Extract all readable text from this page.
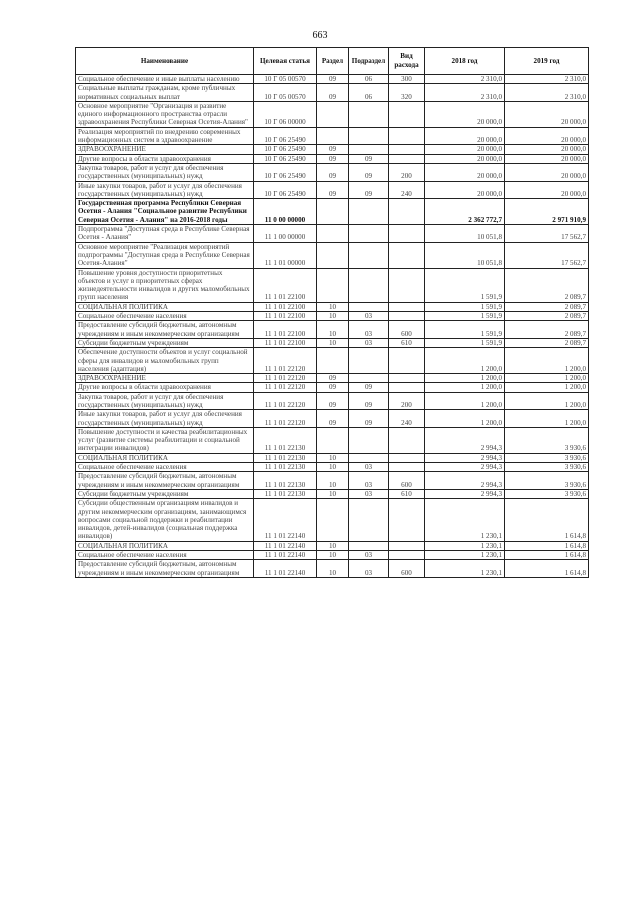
663
Наименование	Целевая статья	Раздел	Подраздел	Вид расхода	2018 год	2019 год
Социальное обеспечение и иные выплаты населению	10 Г 05 00570	09	06	300	2 310,0	2 310,0
Социальные выплаты гражданам, кроме публичных нормативных социальных выплат	10 Г 05 00570	09	06	320	2 310,0	2 310,0
Основное мероприятие "Организация и развитие единого информационного пространства отрасли здравоохранения Республики Северная Осетия-Алания"	10 Г 06 00000				20 000,0	20 000,0
Реализация мероприятий по внедрению современных информационных систем в здравоохранение	10 Г 06 25490				20 000,0	20 000,0
ЗДРАВООХРАНЕНИЕ	10 Г 06 25490	09			20 000,0	20 000,0
Другие вопросы в области здравоохранения	10 Г 06 25490	09	09		20 000,0	20 000,0
Закупка товаров, работ и услуг для обеспечения государственных (муниципальных) нужд	10 Г 06 25490	09	09	200	20 000,0	20 000,0
Иные закупки товаров, работ и услуг для обеспечения государственных (муниципальных) нужд	10 Г 06 25490	09	09	240	20 000,0	20 000,0
Государственная программа Республики Северная Осетия - Алания "Социальное развитие Республики Северная Осетия - Алания" на 2016-2018 годы	11 0 00 00000				2 362 772,7	2 971 910,9
Подпрограмма "Доступная среда в Республике Северная Осетия - Алания"	11 1 00 00000				10 051,8	17 562,7
Основное мероприятие "Реализация мероприятий подпрограммы "Доступная среда в Республике Северная Осетия-Алания"	11 1 01 00000				10 051,8	17 562,7
Повышение уровня доступности приоритетных объектов и услуг в приоритетных сферах жизнедеятельности инвалидов и других маломобильных групп населения	11 1 01 22100				1 591,9	2 089,7
СОЦИАЛЬНАЯ ПОЛИТИКА	11 1 01 22100	10			1 591,9	2 089,7
Социальное обеспечение населения	11 1 01 22100	10	03		1 591,9	2 089,7
Предоставление субсидий бюджетным, автономным учреждениям и иным некоммерческим организациям	11 1 01 22100	10	03	600	1 591,9	2 089,7
Субсидии бюджетным учреждениям	11 1 01 22100	10	03	610	1 591,9	2 089,7
Обеспечение доступности объектов и услуг социальной сферы для инвалидов и маломобильных групп населения (адаптация)	11 1 01 22120				1 200,0	1 200,0
ЗДРАВООХРАНЕНИЕ	11 1 01 22120	09			1 200,0	1 200,0
Другие вопросы в области здравоохранения	11 1 01 22120	09	09		1 200,0	1 200,0
Закупка товаров, работ и услуг для обеспечения государственных (муниципальных) нужд	11 1 01 22120	09	09	200	1 200,0	1 200,0
Иные закупки товаров, работ и услуг для обеспечения государственных (муниципальных) нужд	11 1 01 22120	09	09	240	1 200,0	1 200,0
Повышение доступности и качества реабилитационных услуг (развитие системы реабилитации и социальной интеграции инвалидов)	11 1 01 22130				2 994,3	3 930,6
СОЦИАЛЬНАЯ ПОЛИТИКА	11 1 01 22130	10			2 994,3	3 930,6
Социальное обеспечение населения	11 1 01 22130	10	03		2 994,3	3 930,6
Предоставление субсидий бюджетным, автономным учреждениям и иным некоммерческим организациям	11 1 01 22130	10	03	600	2 994,3	3 930,6
Субсидии бюджетным учреждениям	11 1 01 22130	10	03	610	2 994,3	3 930,6
Субсидии общественным организациям инвалидов и другим некоммерческим организациям, занимающимся вопросами социальной поддержки и реабилитации инвалидов, детей-инвалидов (социальная поддержка инвалидов)	11 1 01 22140				1 230,1	1 614,8
СОЦИАЛЬНАЯ ПОЛИТИКА	11 1 01 22140	10			1 230,1	1 614,8
Социальное обеспечение населения	11 1 01 22140	10	03		1 230,1	1 614,8
Предоставление субсидий бюджетным, автономным учреждениям и иным некоммерческим организациям	11 1 01 22140	10	03	600	1 230,1	1 614,8
